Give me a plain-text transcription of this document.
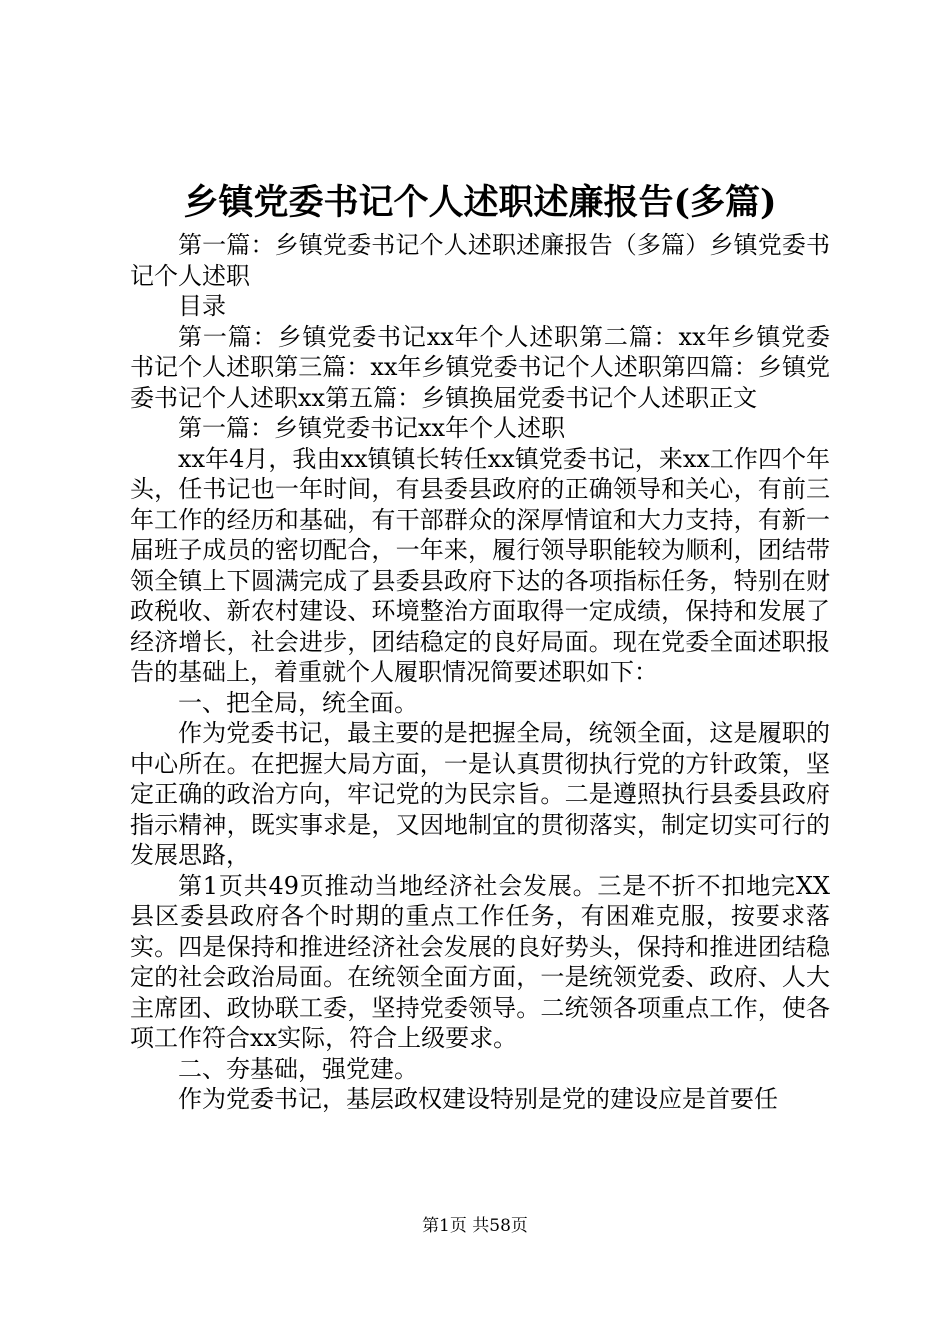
乡镇党委书记个人述职述廉报告(多篇)

第一篇：乡镇党委书记个人述职述廉报告（多篇）乡镇党委书记个人述职

目录

第一篇：乡镇党委书记xx年个人述职第二篇：xx年乡镇党委书记个人述职第三篇：xx年乡镇党委书记个人述职第四篇：乡镇党委书记个人述职xx第五篇：乡镇换届党委书记个人述职正文

第一篇：乡镇党委书记xx年个人述职

xx年4月，我由xx镇镇长转任xx镇党委书记，来xx工作四个年头，任书记也一年时间，有县委县政府的正确领导和关心，有前三年工作的经历和基础，有干部群众的深厚情谊和大力支持，有新一届班子成员的密切配合，一年来，履行领导职能较为顺利，团结带领全镇上下圆满完成了县委县政府下达的各项指标任务，特别在财政税收、新农村建设、环境整治方面取得一定成绩，保持和发展了经济增长，社会进步，团结稳定的良好局面。现在党委全面述职报告的基础上，着重就个人履职情况简要述职如下：

一、把全局，统全面。

作为党委书记，最主要的是把握全局，统领全面，这是履职的中心所在。在把握大局方面，一是认真贯彻执行党的方针政策，坚定正确的政治方向，牢记党的为民宗旨。二是遵照执行县委县政府指示精神，既实事求是，又因地制宜的贯彻落实，制定切实可行的发展思路，

第1页共49页推动当地经济社会发展。三是不折不扣地完XX县区委县政府各个时期的重点工作任务，有困难克服，按要求落实。四是保持和推进经济社会发展的良好势头，保持和推进团结稳定的社会政治局面。在统领全面方面，一是统领党委、政府、人大主席团、政协联工委，坚持党委领导。二统领各项重点工作，使各项工作符合xx实际，符合上级要求。

二、夯基础，强党建。

作为党委书记，基层政权建设特别是党的建设应是首要任

第1页 共58页
